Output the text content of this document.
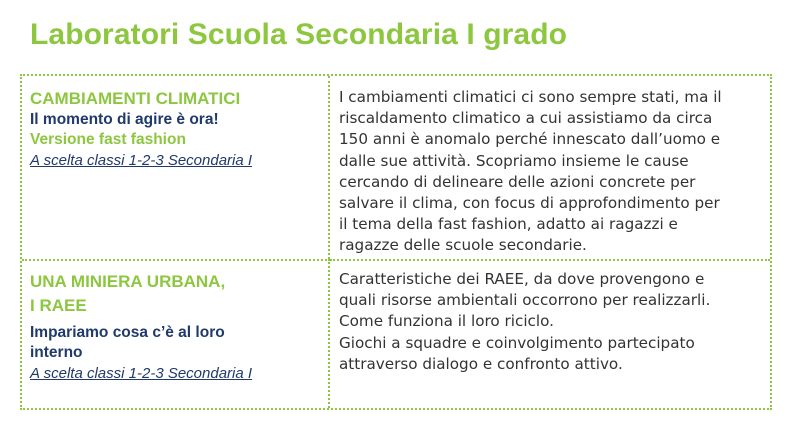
Laboratori Scuola Secondaria I grado
CAMBIAMENTI CLIMATICI
Il momento di agire è ora!
Versione fast fashion
A scelta classi 1-2-3 Secondaria I
I cambiamenti climatici ci sono sempre stati, ma il
riscaldamento climatico a cui assistiamo da circa
150 anni è anomalo perché innescato dall’uomo e
dalle sue attività. Scopriamo insieme le cause
cercando di delineare delle azioni concrete per
salvare il clima, con focus di approfondimento per
il tema della fast fashion, adatto ai ragazzi e
ragazze delle scuole secondarie.
UNA MINIERA URBANA,
I RAEE
Impariamo cosa c’è al loro
interno
A scelta classi 1-2-3 Secondaria I
Caratteristiche dei RAEE, da dove provengono e
quali risorse ambientali occorrono per realizzarli.
Come funziona il loro riciclo.
Giochi a squadre e coinvolgimento partecipato
attraverso dialogo e confronto attivo.
